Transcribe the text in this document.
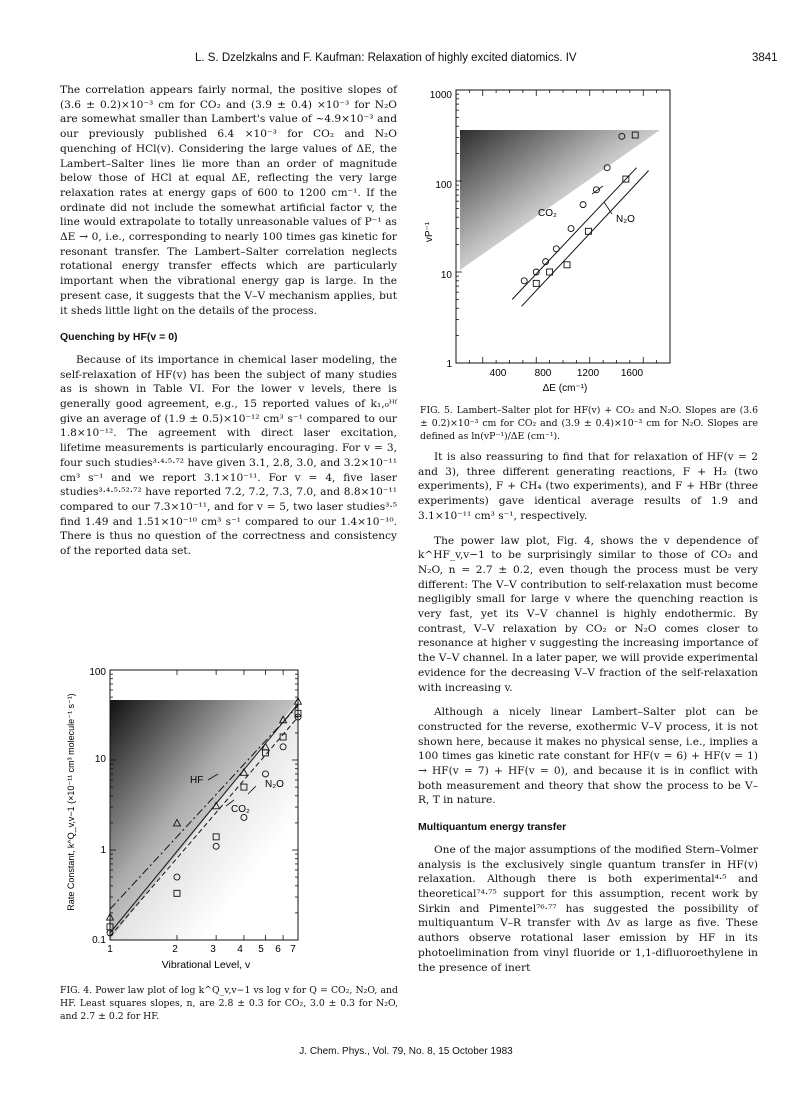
L. S. Dzelzkalns and F. Kaufman: Relaxation of highly excited diatomics. IV	3841

The correlation appears fairly normal, the positive slopes of (3.6 ± 0.2)×10⁻³ cm for CO₂ and (3.9 ± 0.4) ×10⁻³ for N₂O are somewhat smaller than Lambert's value of ~4.9×10⁻³ and our previously published 6.4 ×10⁻³ for CO₂ and N₂O quenching of HCl(v). Considering the large values of ΔE, the Lambert–Salter lines lie more than an order of magnitude below those of HCl at equal ΔE, reflecting the very large relaxation rates at energy gaps of 600 to 1200 cm⁻¹. If the ordinate did not include the somewhat artificial factor v, the line would extrapolate to totally unreasonable values of P⁻¹ as ΔE → 0, i.e., corresponding to nearly 100 times gas kinetic for resonant transfer. The Lambert–Salter correlation neglects rotational energy transfer effects which are particularly important when the vibrational energy gap is large. In the present case, it suggests that the V–V mechanism applies, but it sheds little light on the details of the process.

Quenching by HF(v = 0)

Because of its importance in chemical laser modeling, the self-relaxation of HF(v) has been the subject of many studies as is shown in Table VI. For the lower v levels, there is generally good agreement, e.g., 15 reported values of k₁,₀ᴴᶠ give an average of (1.9 ± 0.5)×10⁻¹² cm³ s⁻¹ compared to our 1.8×10⁻¹². The agreement with direct laser excitation, lifetime measurements is particularly encouraging. For v = 3, four such studies³·⁴·⁵·⁷² have given 3.1, 2.8, 3.0, and 3.2×10⁻¹¹ cm³ s⁻¹ and we report 3.1×10⁻¹¹. For v = 4, five laser studies³·⁴·⁵·⁵²·⁷² have reported 7.2, 7.2, 7.3, 7.0, and 8.8×10⁻¹¹ compared to our 7.3×10⁻¹¹, and for v = 5, two laser studies³·⁵ find 1.49 and 1.51×10⁻¹⁰ cm³ s⁻¹ compared to our 1.4×10⁻¹⁰. There is thus no question of the correctness and consistency of the reported data set.

1000
100
10
1
400	800	1200 1600
ΔE (cm⁻¹)
vP⁻¹
CO₂
N₂O
FIG. 5. Lambert–Salter plot for HF(v) + CO₂ and N₂O. Slopes are (3.6 ± 0.2)×10⁻³ cm for CO₂ and (3.9 ± 0.4)×10⁻³ cm for N₂O. Slopes are defined as ln(vP⁻¹)/ΔE (cm⁻¹).
100
10
1
0.1
1	2	3 4 5 6 7
Vibrational Level, v
Rate Constant, k^Q_v,v−1 (×10⁻¹¹ cm³ molecule⁻¹ s⁻¹)	HF	N₂O
CO₂
FIG. 4. Power law plot of log k^Q_v,v−1 vs log v for Q = CO₂, N₂O, and HF. Least squares slopes, n, are 2.8 ± 0.3 for CO₂, 3.0 ± 0.3 for N₂O, and 2.7 ± 0.2 for HF.

It is also reassuring to find that for relaxation of HF(v = 2 and 3), three different generating reactions, F + H₂ (two experiments), F + CH₄ (two experiments), and F + HBr (three experiments) gave identical average results of 1.9 and 3.1×10⁻¹¹ cm³ s⁻¹, respectively.

The power law plot, Fig. 4, shows the v dependence of k^HF_v,v−1 to be surprisingly similar to those of CO₂ and N₂O, n = 2.7 ± 0.2, even though the process must be very different: The V–V contribution to self-relaxation must become negligibly small for large v where the quenching reaction is very fast, yet its V–V channel is highly endothermic. By contrast, V–V relaxation by CO₂ or N₂O comes closer to resonance at higher v suggesting the increasing importance of the V–V channel. In a later paper, we will provide experimental evidence for the decreasing V–V fraction of the self-relaxation with increasing v.

Although a nicely linear Lambert–Salter plot can be constructed for the reverse, exothermic V–V process, it is not shown here, because it makes no physical sense, i.e., implies a 100 times gas kinetic rate constant for HF(v = 6) + HF(v = 1) → HF(v = 7) + HF(v = 0), and because it is in conflict with both measurement and theory that show the process to be V–R, T in nature.

Multiquantum energy transfer

One of the major assumptions of the modified Stern–Volmer analysis is the exclusively single quantum transfer in HF(v) relaxation. Although there is both experimental⁴·⁵ and theoretical⁷⁴·⁷⁵ support for this assumption, recent work by Sirkin and Pimentel⁷⁶·⁷⁷ has suggested the possibility of multiquantum V–R transfer with Δv as large as five. These authors observe rotational laser emission by HF in its photoelimination from vinyl fluoride or 1,1-difluoroethylene in the presence of inert

J. Chem. Phys., Vol. 79, No. 8, 15 October 1983
